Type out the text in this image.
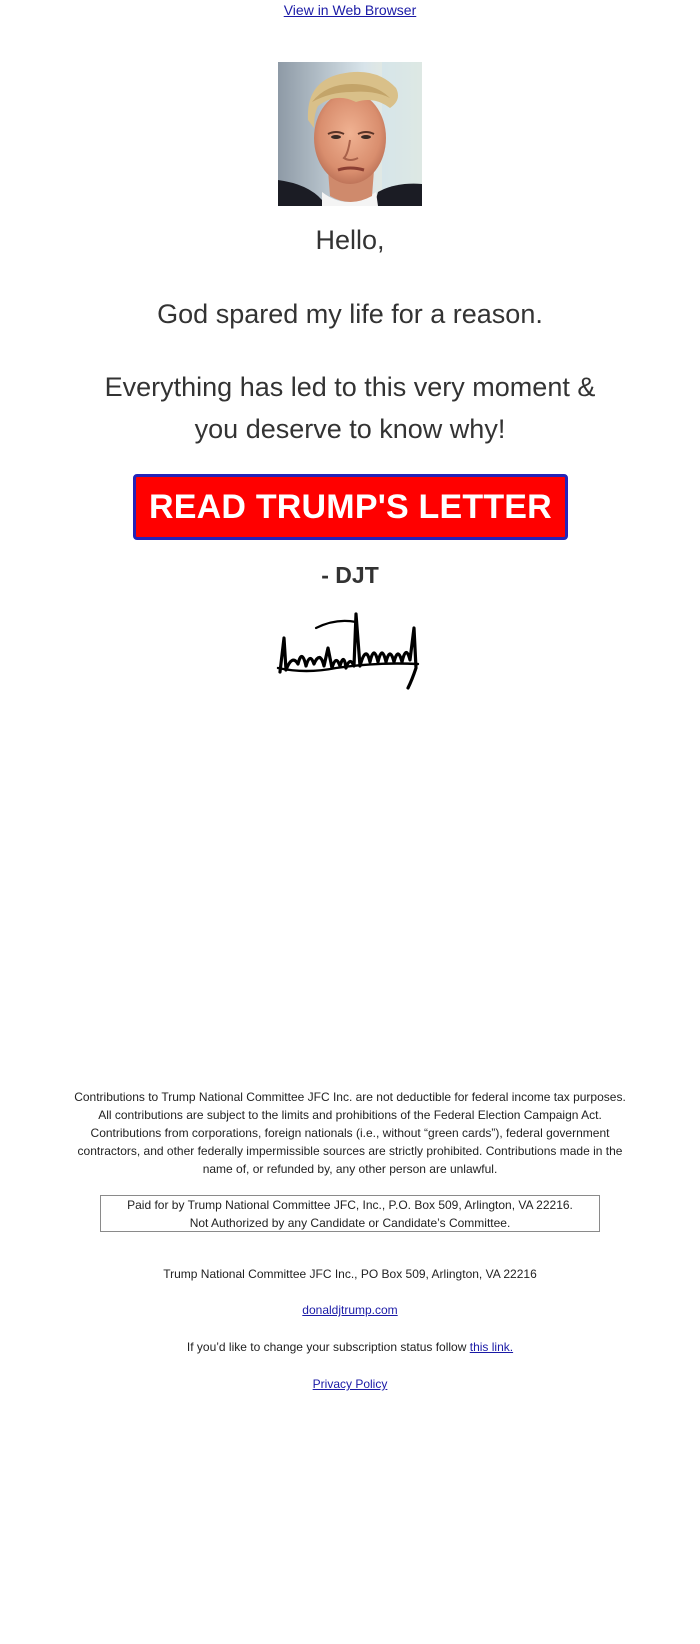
View in Web Browser
Hello,
God spared my life for a reason.
Everything has led to this very moment &
you deserve to know why!
READ TRUMP'S LETTER
- DJT
Contributions to Trump National Committee JFC Inc. are not deductible for federal income tax purposes.
All contributions are subject to the limits and prohibitions of the Federal Election Campaign Act.
Contributions from corporations, foreign nationals (i.e., without “green cards”), federal government
contractors, and other federally impermissible sources are strictly prohibited. Contributions made in the
name of, or refunded by, any other person are unlawful.
Paid for by Trump National Committee JFC, Inc., P.O. Box 509, Arlington, VA 22216.
Not Authorized by any Candidate or Candidate’s Committee.
Trump National Committee JFC Inc., PO Box 509, Arlington, VA 22216
donaldjtrump.com
If you’d like to change your subscription status follow this link.
Privacy Policy
